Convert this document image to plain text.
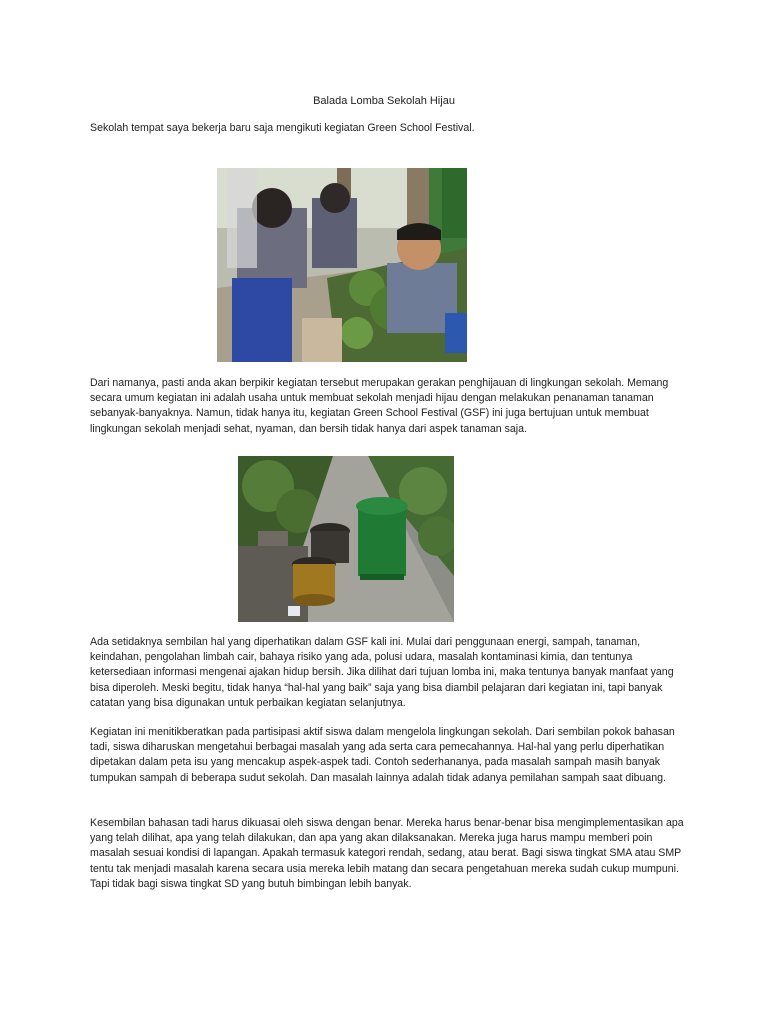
Balada Lomba Sekolah Hijau

Sekolah tempat saya bekerja baru saja mengikuti kegiatan Green School Festival.

Dari namanya, pasti anda akan berpikir kegiatan tersebut merupakan gerakan penghijauan di lingkungan sekolah. Memang secara umum kegiatan ini adalah usaha untuk membuat sekolah menjadi hijau dengan melakukan penanaman tanaman sebanyak-banyaknya. Namun, tidak hanya itu, kegiatan Green School Festival (GSF) ini juga bertujuan untuk membuat lingkungan sekolah menjadi sehat, nyaman, dan bersih tidak hanya dari aspek tanaman saja.

Ada setidaknya sembilan hal yang diperhatikan dalam GSF kali ini. Mulai dari penggunaan energi, sampah, tanaman, keindahan, pengolahan limbah cair, bahaya risiko yang ada, polusi udara, masalah kontaminasi kimia, dan tentunya ketersediaan informasi mengenai ajakan hidup bersih. Jika dilihat dari tujuan lomba ini, maka tentunya banyak manfaat yang bisa diperoleh. Meski begitu, tidak hanya “hal-hal yang baik” saja yang bisa diambil pelajaran dari kegiatan ini, tapi banyak catatan yang bisa digunakan untuk perbaikan kegiatan selanjutnya.

Kegiatan ini menitikberatkan pada partisipasi aktif siswa dalam mengelola lingkungan sekolah. Dari sembilan pokok bahasan tadi, siswa diharuskan mengetahui berbagai masalah yang ada serta cara pemecahannya. Hal-hal yang perlu diperhatikan dipetakan dalam peta isu yang mencakup aspek-aspek tadi. Contoh sederhananya, pada masalah sampah masih banyak tumpukan sampah di beberapa sudut sekolah. Dan masalah lainnya adalah tidak adanya pemilahan sampah saat dibuang.

Kesembilan bahasan tadi harus dikuasai oleh siswa dengan benar. Mereka harus benar-benar bisa mengimplementasikan apa yang telah dilihat, apa yang telah dilakukan, dan apa yang akan dilaksanakan. Mereka juga harus mampu memberi poin masalah sesuai kondisi di lapangan. Apakah termasuk kategori rendah, sedang, atau berat. Bagi siswa tingkat SMA atau SMP tentu tak menjadi masalah karena secara usia mereka lebih matang dan secara pengetahuan mereka sudah cukup mumpuni. Tapi tidak bagi siswa tingkat SD yang butuh bimbingan lebih banyak.
